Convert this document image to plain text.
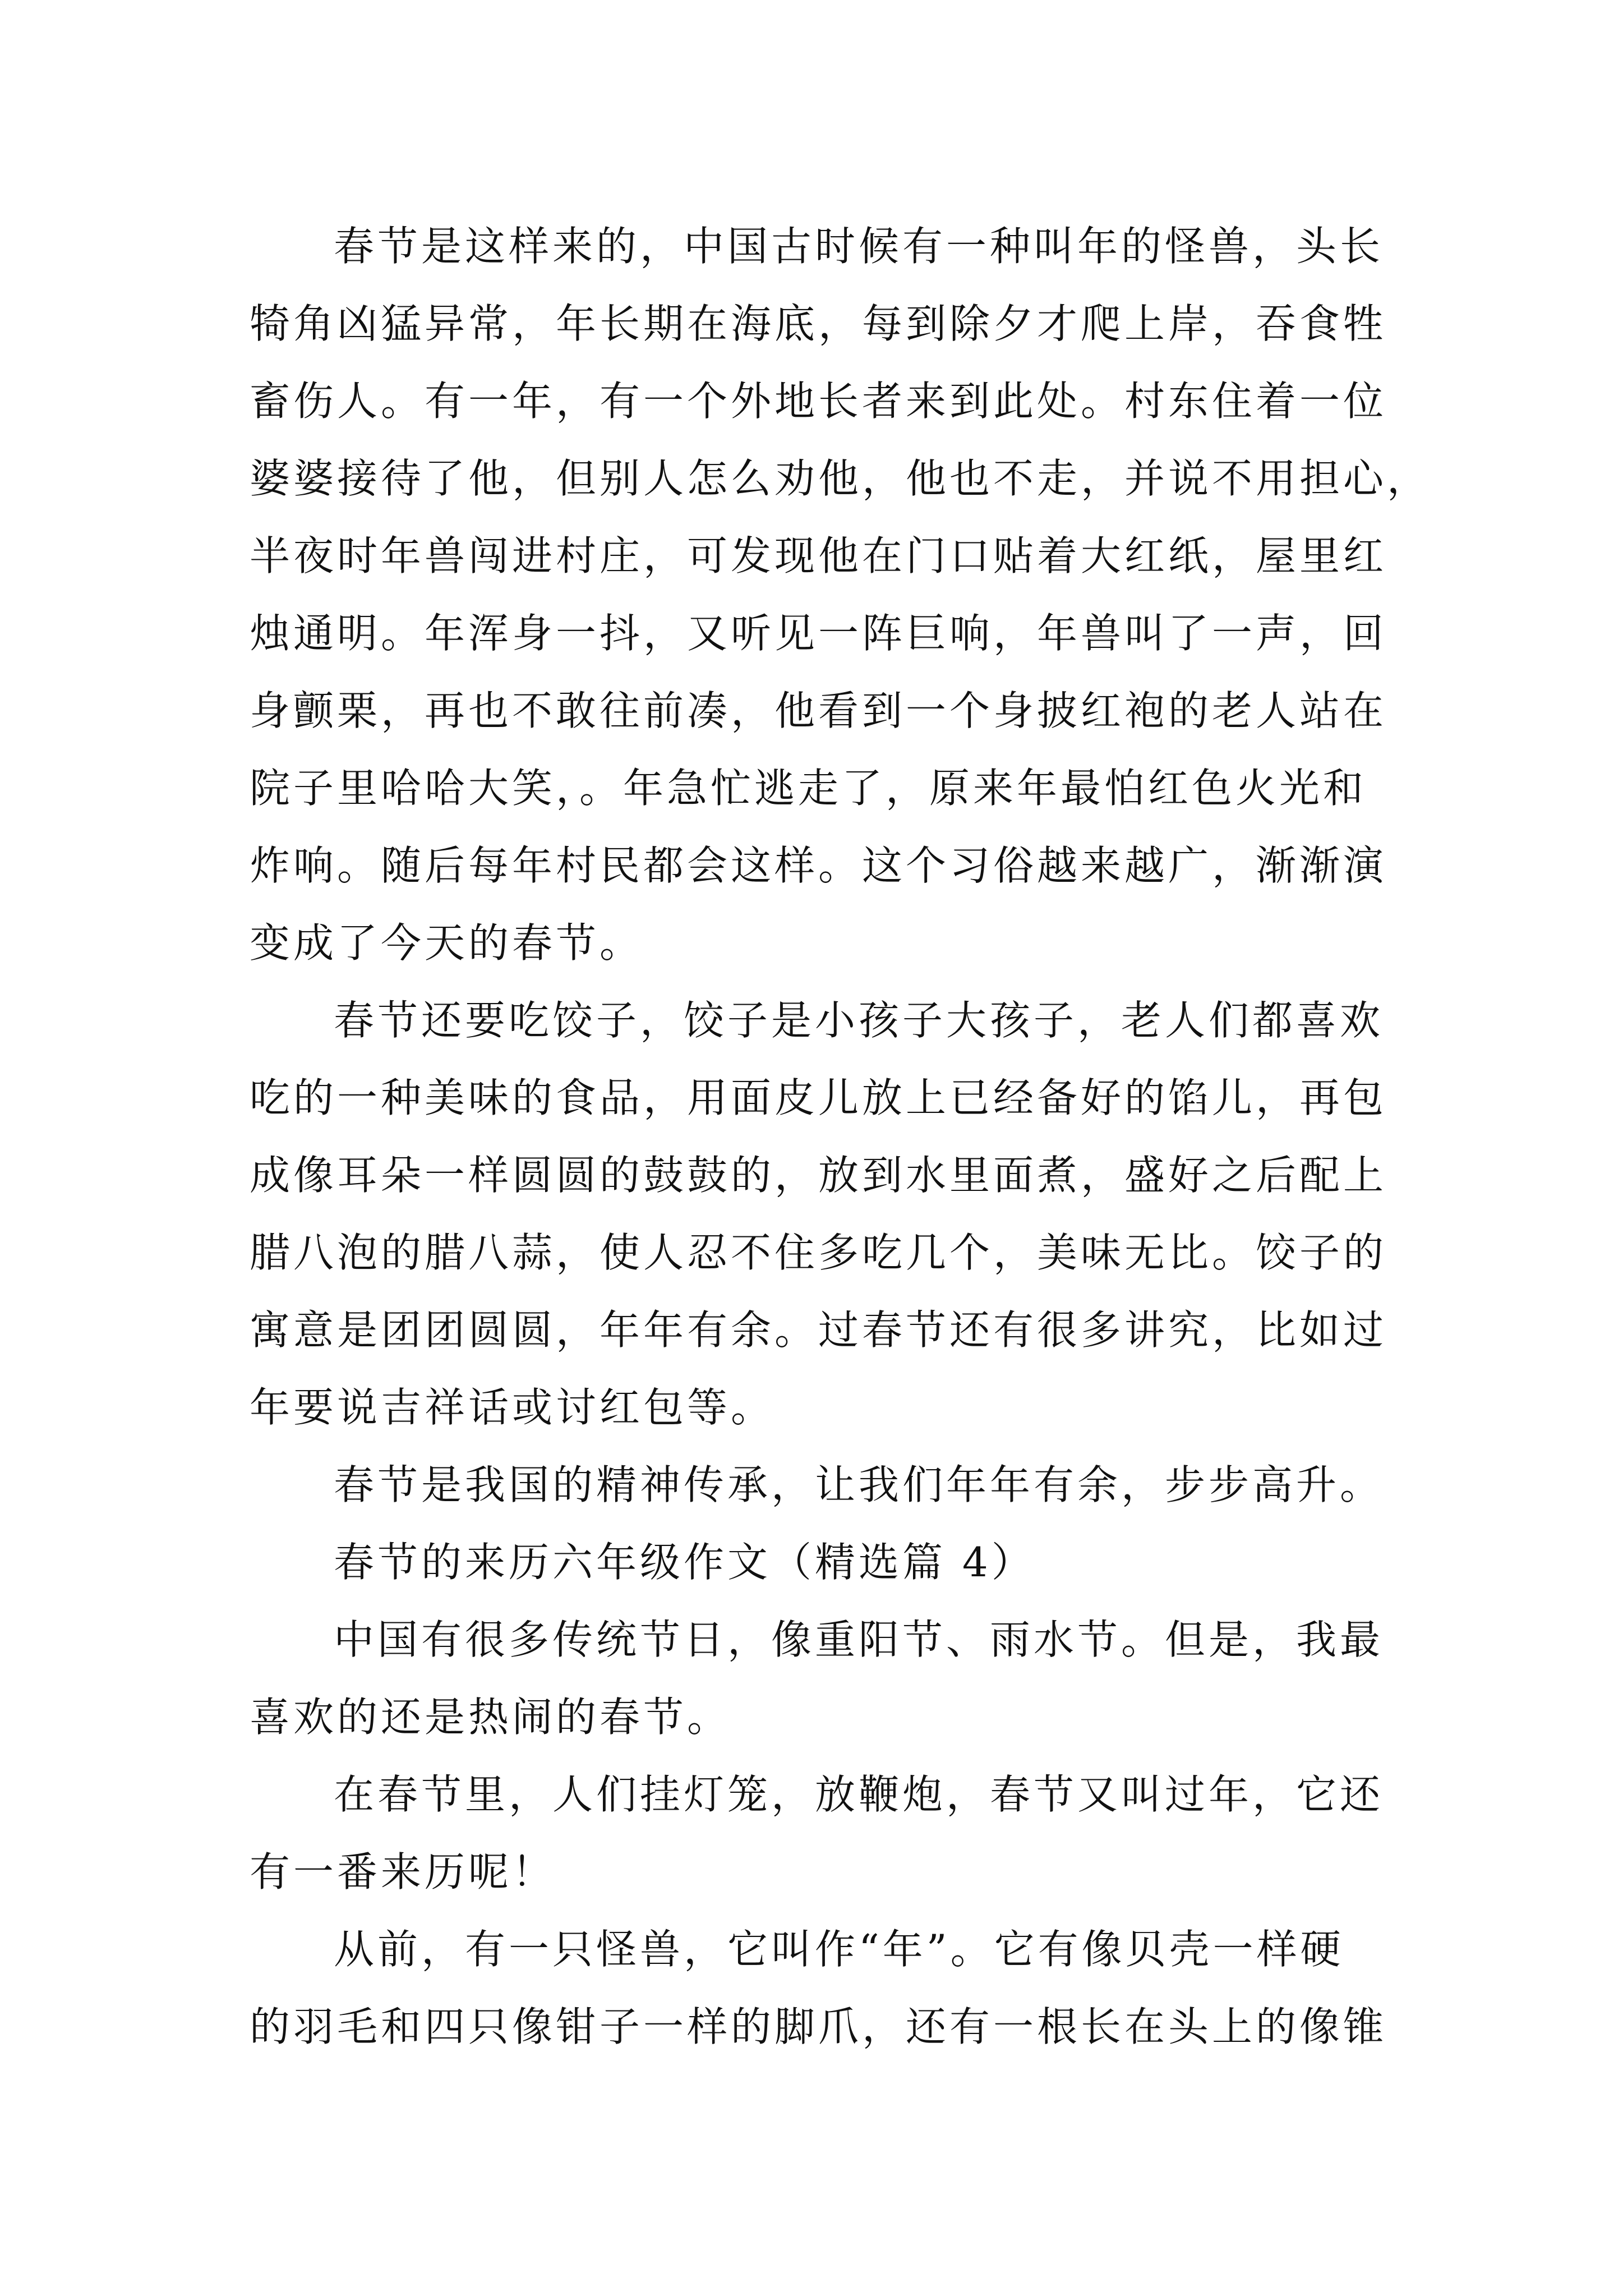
春节是这样来的，中国古时候有一种叫年的怪兽，头长
犄角凶猛异常，年长期在海底，每到除夕才爬上岸，吞食牲
畜伤人。有一年，有一个外地长者来到此处。村东住着一位
婆婆接待了他，但别人怎么劝他，他也不走，并说不用担心，
半夜时年兽闯进村庄，可发现他在门口贴着大红纸，屋里红
烛通明。年浑身一抖，又听见一阵巨响，年兽叫了一声，回
身颤栗，再也不敢往前凑，他看到一个身披红袍的老人站在
院子里哈哈大笑，。年急忙逃走了，原来年最怕红色火光和
炸响。随后每年村民都会这样。这个习俗越来越广，渐渐演
变成了今天的春节。
春节还要吃饺子，饺子是小孩子大孩子，老人们都喜欢
吃的一种美味的食品，用面皮儿放上已经备好的馅儿，再包
成像耳朵一样圆圆的鼓鼓的，放到水里面煮，盛好之后配上
腊八泡的腊八蒜，使人忍不住多吃几个，美味无比。饺子的
寓意是团团圆圆，年年有余。过春节还有很多讲究，比如过
年要说吉祥话或讨红包等。
春节是我国的精神传承，让我们年年有余，步步高升。
春节的来历六年级作文（精选篇 4）
中国有很多传统节日，像重阳节、雨水节。但是，我最
喜欢的还是热闹的春节。
在春节里，人们挂灯笼，放鞭炮，春节又叫过年，它还
有一番来历呢！
从前，有一只怪兽，它叫作“年”。它有像贝壳一样硬
的羽毛和四只像钳子一样的脚爪，还有一根长在头上的像锥
